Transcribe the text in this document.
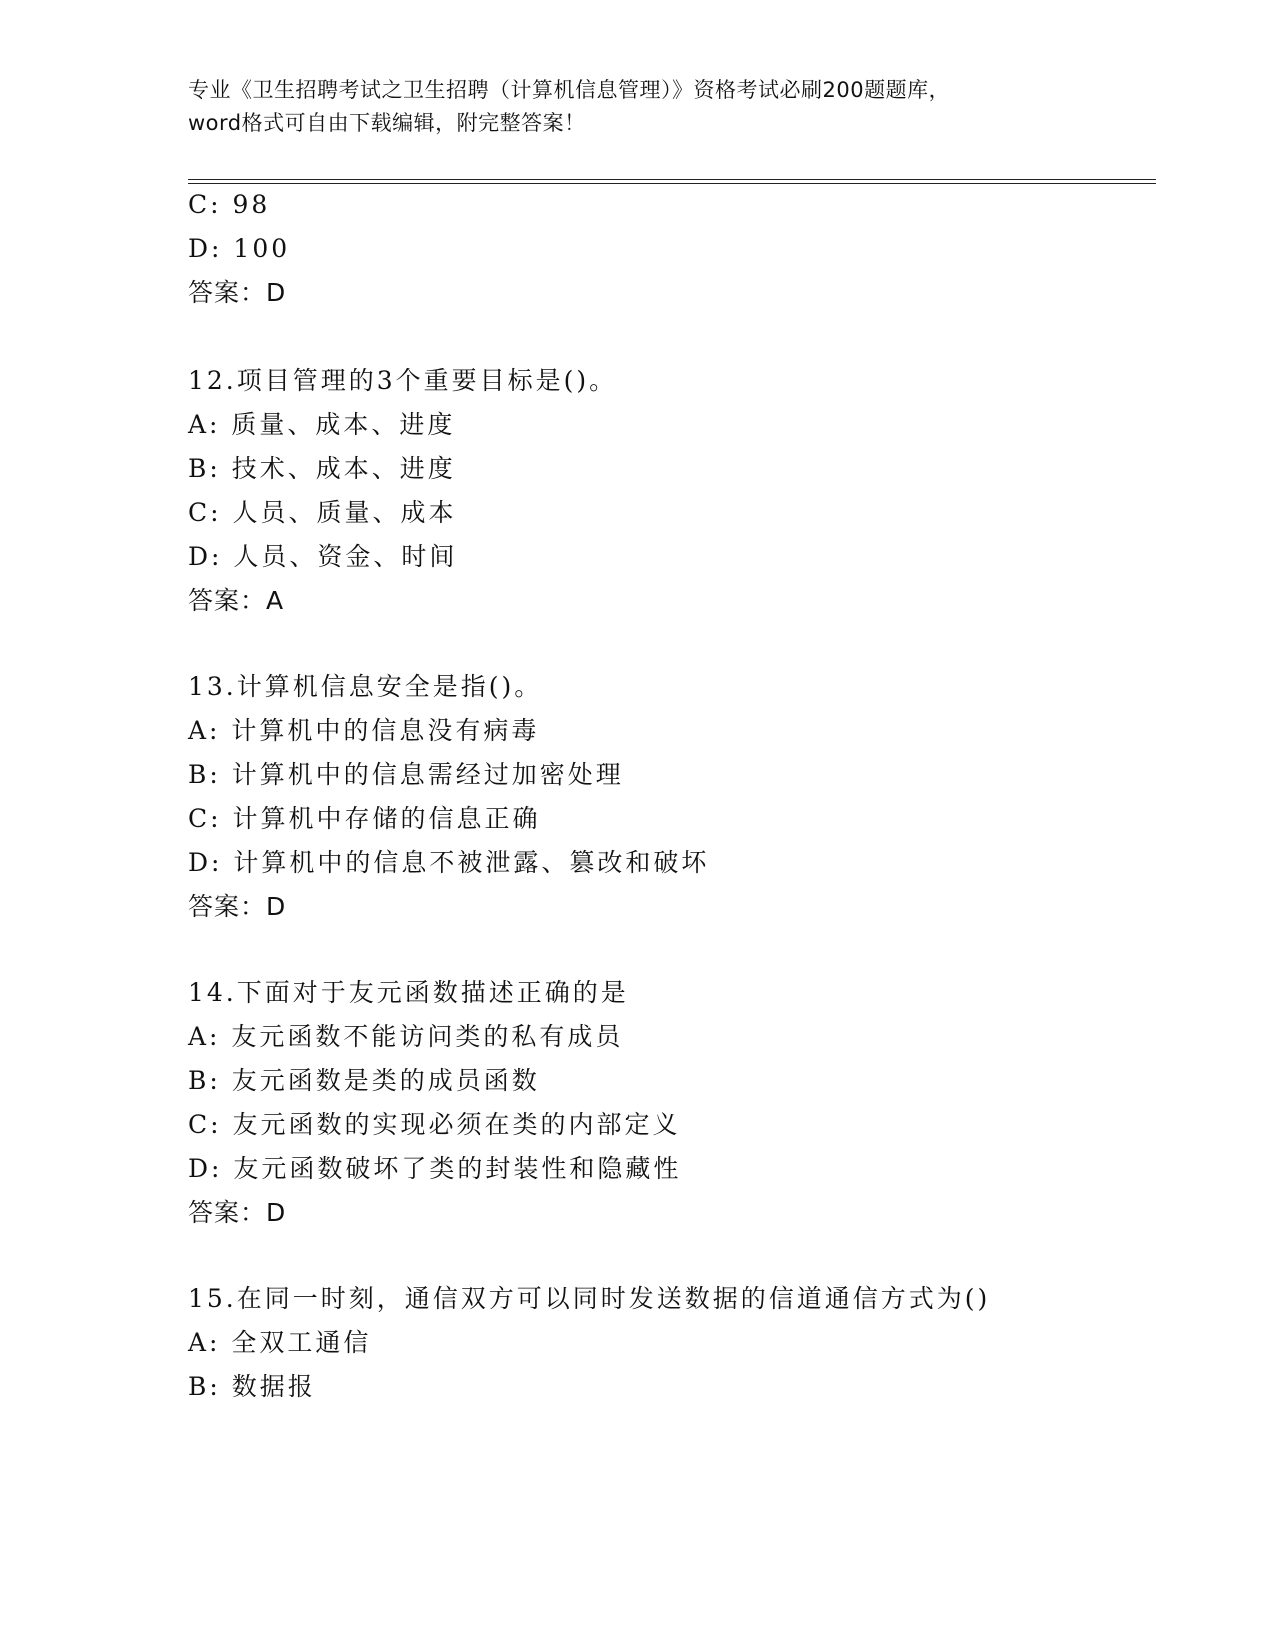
专业《卫生招聘考试之卫生招聘（计算机信息管理）》资格考试必刷200题题库，
word格式可自由下载编辑，附完整答案！
C: 98
D: 100
答案：D
12.项目管理的3个重要目标是()。
A: 质量、成本、进度
B: 技术、成本、进度
C: 人员、质量、成本
D: 人员、资金、时间
答案：A
13.计算机信息安全是指()。
A: 计算机中的信息没有病毒
B: 计算机中的信息需经过加密处理
C: 计算机中存储的信息正确
D: 计算机中的信息不被泄露、篡改和破坏
答案：D
14.下面对于友元函数描述正确的是
A: 友元函数不能访问类的私有成员
B: 友元函数是类的成员函数
C: 友元函数的实现必须在类的内部定义
D: 友元函数破坏了类的封装性和隐藏性
答案：D
15.在同一时刻，通信双方可以同时发送数据的信道通信方式为()
A: 全双工通信
B: 数据报
